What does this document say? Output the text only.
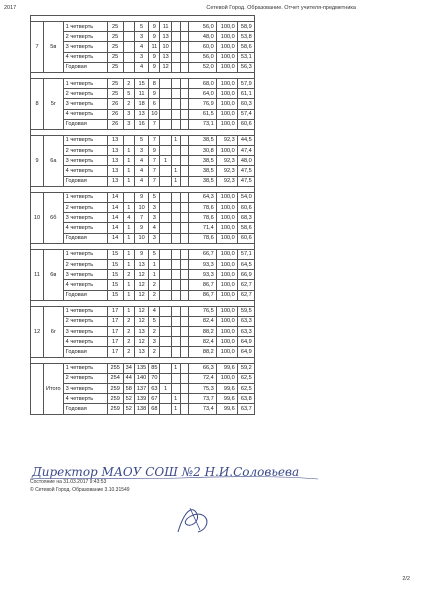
2017	Сетевой Город. Образование. Отчет учителя-предметника

7	5в	1 четверть	25		5	9	11			56,0	100,0	58,9
		2 четверть	25		3	9	13			48,0	100,0	53,8
		3 четверть	25		4	11	10			60,0	100,0	58,6
		4 четверть	25		3	9	13			56,0	100,0	53,1
		Годовая	25		4	9	12			52,0	100,0	56,3

8	5г	1 четверть	25	2	15	8				68,0	100,0	57,9
		2 четверть	25	5	11	9				64,0	100,0	61,1
		3 четверть	26	2	18	6				76,9	100,0	60,3
		4 четверть	26	3	13	10				61,5	100,0	57,4
		Годовая	26	3	16	7				73,1	100,0	60,6

9	6а	1 четверть	13		5	7		1		38,5	92,3	44,5
		2 четверть	13	1	3	9				30,8	100,0	47,4
		3 четверть	13	1	4	7	1			38,5	92,3	48,0
		4 четверть	13	1	4	7		1		38,5	92,3	47,5
		Годовая	13	1	4	7		1		38,5	92,3	47,5

10	6б	1 четверть	14		9	5				64,3	100,0	54,0
		2 четверть	14	1	10	3				78,6	100,0	60,6
		3 четверть	14	4	7	3				78,6	100,0	68,3
		4 четверть	14	1	9	4				71,4	100,0	58,6
		Годовая	14	1	10	3				78,6	100,0	60,6

11	6в	1 четверть	15	1	9	5				66,7	100,0	57,1
		2 четверть	15	1	13	1				93,3	100,0	64,5
		3 четверть	15	2	12	1				93,3	100,0	66,9
		4 четверть	15	1	12	2				86,7	100,0	62,7
		Годовая	15	1	12	2				86,7	100,0	62,7

12	6г	1 четверть	17	1	12	4				76,5	100,0	59,5
		2 четверть	17	2	12	5				82,4	100,0	63,3
		3 четверть	17	2	13	2				88,2	100,0	63,3
		4 четверть	17	2	12	3				82,4	100,0	64,9
		Годовая	17	2	13	2				88,2	100,0	64,9

	Итого	1 четверть	255	34	135	85		1		66,3	99,6	59,2
		2 четверть	254	44	140	70				72,4	100,0	62,5
		3 четверть	259	58	137	63	1			75,3	99,6	62,5
		4 четверть	259	52	139	67		1		73,7	99,6	63,8
		Годовая	259	52	138	68		1		73,4	99,6	63,7
Директор МАОУ СОШ №2 Н.И.Соловьева
Состояние на 31.03.2017 9:43:53
© Сетевой Город. Образование 3.10.31549
2/2
